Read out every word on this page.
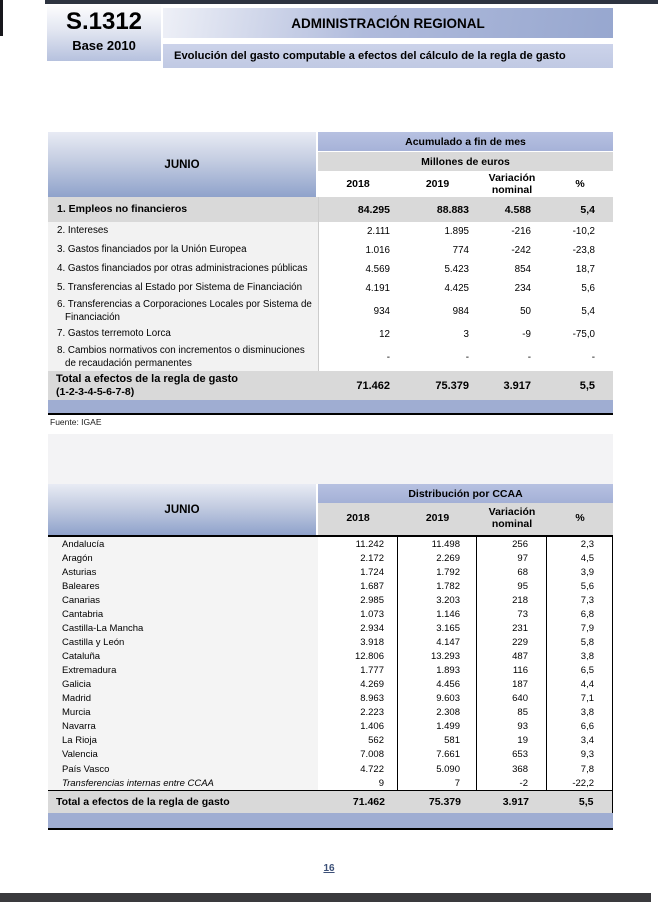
S.1312
Base 2010
ADMINISTRACIÓN REGIONAL
Evolución del gasto computable a efectos del cálculo de la regla de gasto
JUNIO
Acumulado a fin de mes
Millones de euros
2018	2019	Variación nominal	%
1. Empleos no financieros	84.295	88.883	4.588	5,4
2. Intereses	2.111	1.895	-216	-10,2
3. Gastos financiados por la Unión Europea	1.016	774	-242	-23,8
4. Gastos financiados por otras administraciones públicas	4.569	5.423	854	18,7
5. Transferencias al Estado por Sistema de Financiación	4.191	4.425	234	5,6
6. Transferencias a Corporaciones Locales por Sistema de
Financiación	934	984	50	5,4
7. Gastos terremoto Lorca	12	3	-9	-75,0
8. Cambios normativos con incrementos o disminuciones
de recaudación permanentes	-	-	-	-
Total a efectos de la regla de gasto
(1-2-3-4-5-6-7-8)
71.462	75.379	3.917	5,5
Fuente: IGAE
JUNIO
Distribución por CCAA
2018	2019	Variación nominal	%
Andalucía	11.242	11.498	256	2,3
Aragón	2.172	2.269	97	4,5
Asturias	1.724	1.792	68	3,9
Baleares	1.687	1.782	95	5,6
Canarias	2.985	3.203	218	7,3
Cantabria	1.073	1.146	73	6,8
Castilla-La Mancha	2.934	3.165	231	7,9
Castilla y León	3.918	4.147	229	5,8
Cataluña	12.806	13.293	487	3,8
Extremadura	1.777	1.893	116	6,5
Galicia	4.269	4.456	187	4,4
Madrid	8.963	9.603	640	7,1
Murcia	2.223	2.308	85	3,8
Navarra	1.406	1.499	93	6,6
La Rioja	562	581	19	3,4
Valencia	7.008	7.661	653	9,3
País Vasco	4.722	5.090	368	7,8
Transferencias internas entre CCAA	9	7	-2	-22,2
Total a efectos de la regla de gasto	71.462	75.379	3.917	5,5
16
